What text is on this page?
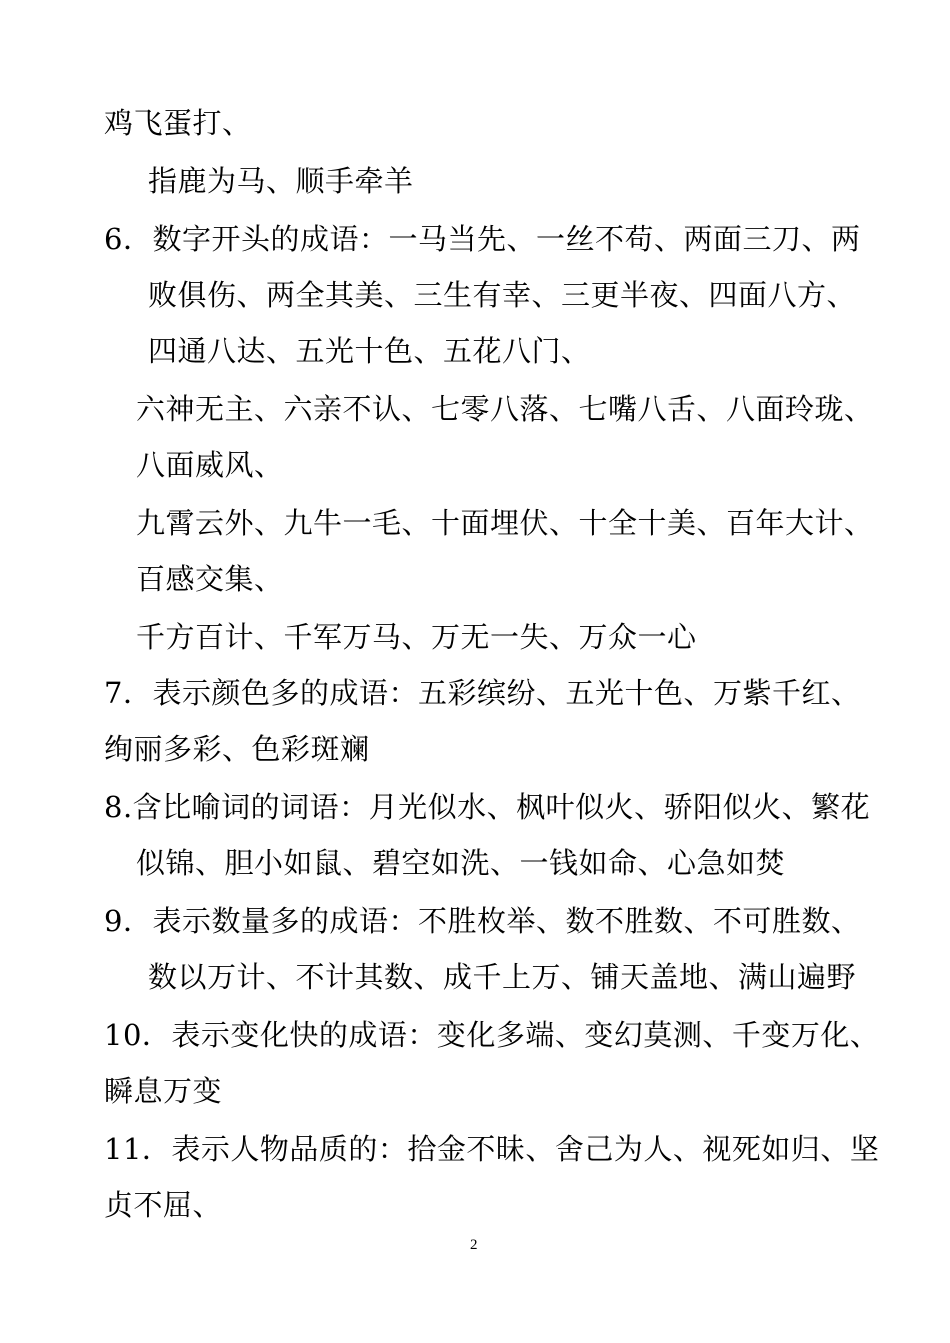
鸡飞蛋打、
指鹿为马、顺手牵羊
6．数字开头的成语：一马当先、一丝不苟、两面三刀、两
败俱伤、两全其美、三生有幸、三更半夜、四面八方、
四通八达、五光十色、五花八门、
六神无主、六亲不认、七零八落、七嘴八舌、八面玲珑、
八面威风、
九霄云外、九牛一毛、十面埋伏、十全十美、百年大计、
百感交集、
千方百计、千军万马、万无一失、万众一心
7．表示颜色多的成语：五彩缤纷、五光十色、万紫千红、
绚丽多彩、色彩斑斓
8.含比喻词的词语：月光似水、枫叶似火、骄阳似火、繁花
似锦、胆小如鼠、碧空如洗、一钱如命、心急如焚
9．表示数量多的成语：不胜枚举、数不胜数、不可胜数、
数以万计、不计其数、成千上万、铺天盖地、满山遍野
10．表示变化快的成语：变化多端、变幻莫测、千变万化、
瞬息万变
11．表示人物品质的：拾金不昧、舍己为人、视死如归、坚
贞不屈、
2
